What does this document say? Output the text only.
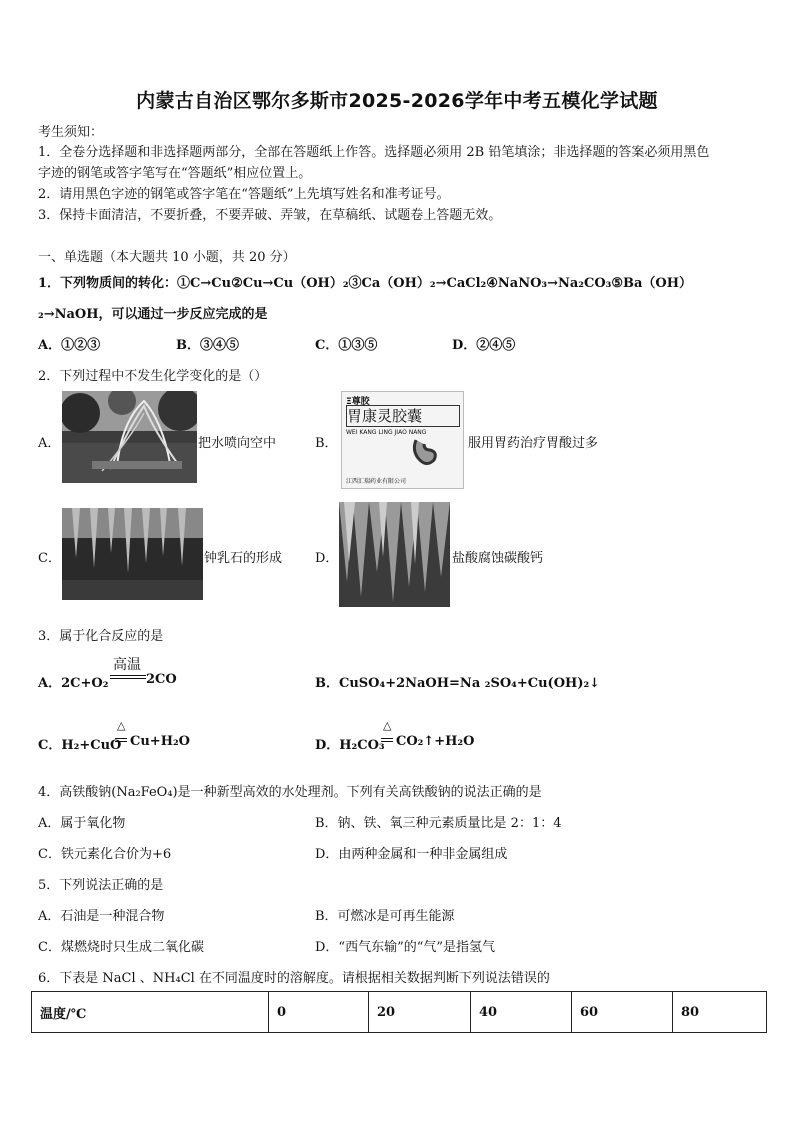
内蒙古自治区鄂尔多斯市2025-2026学年中考五模化学试题
考生须知：
1．全卷分选择题和非选择题两部分，全部在答题纸上作答。选择题必须用 2B 铅笔填涂；非选择题的答案必须用黑色
字迹的钢笔或答字笔写在“答题纸”相应位置上。
2．请用黑色字迹的钢笔或答字笔在“答题纸”上先填写姓名和准考证号。
3．保持卡面清洁，不要折叠，不要弄破、弄皱，在草稿纸、试题卷上答题无效。
一、单选题（本大题共 10 小题，共 20 分）
1．下列物质间的转化：①C→Cu②Cu→Cu（OH）₂③Ca（OH）₂→CaCl₂④NaNO₃→Na₂CO₃⑤Ba（OH）
₂→NaOH，可以通过一步反应完成的是
A．①②③	B．③④⑤	C．①③⑤	D．②④⑤
2．下列过程中不发生化学变化的是（）
A．	把水喷向空中	B．
Ξ尊胶
胃康灵胶囊
WEI KANG LING JIAO NANG
江西汇瑞药业有限公司
服用胃药治疗胃酸过多
C．	钟乳石的形成	D．	盐酸腐蚀碳酸钙
3．属于化合反应的是
A．2C+O₂
高温
2CO	B．CuSO₄+2NaOH=Na ₂SO₄+Cu(OH)₂↓
C．H₂+CuO
△
Cu+H₂O	D．H₂CO₃
△
CO₂↑+H₂O
4．高铁酸钠(Na₂FeO₄)是一种新型高效的水处理剂。下列有关高铁酸钠的说法正确的是
A．属于氧化物	B．钠、铁、氧三种元素质量比是 2：1：4
C．铁元素化合价为+6	D．由两种金属和一种非金属组成
5．下列说法正确的是
A．石油是一种混合物	B．可燃冰是可再生能源
C．煤燃烧时只生成二氧化碳	D．“西气东输”的“气”是指氢气
6．下表是 NaCl 、NH₄Cl 在不同温度时的溶解度。请根据相关数据判断下列说法错误的
温度/℃	0	20	40	60	80
